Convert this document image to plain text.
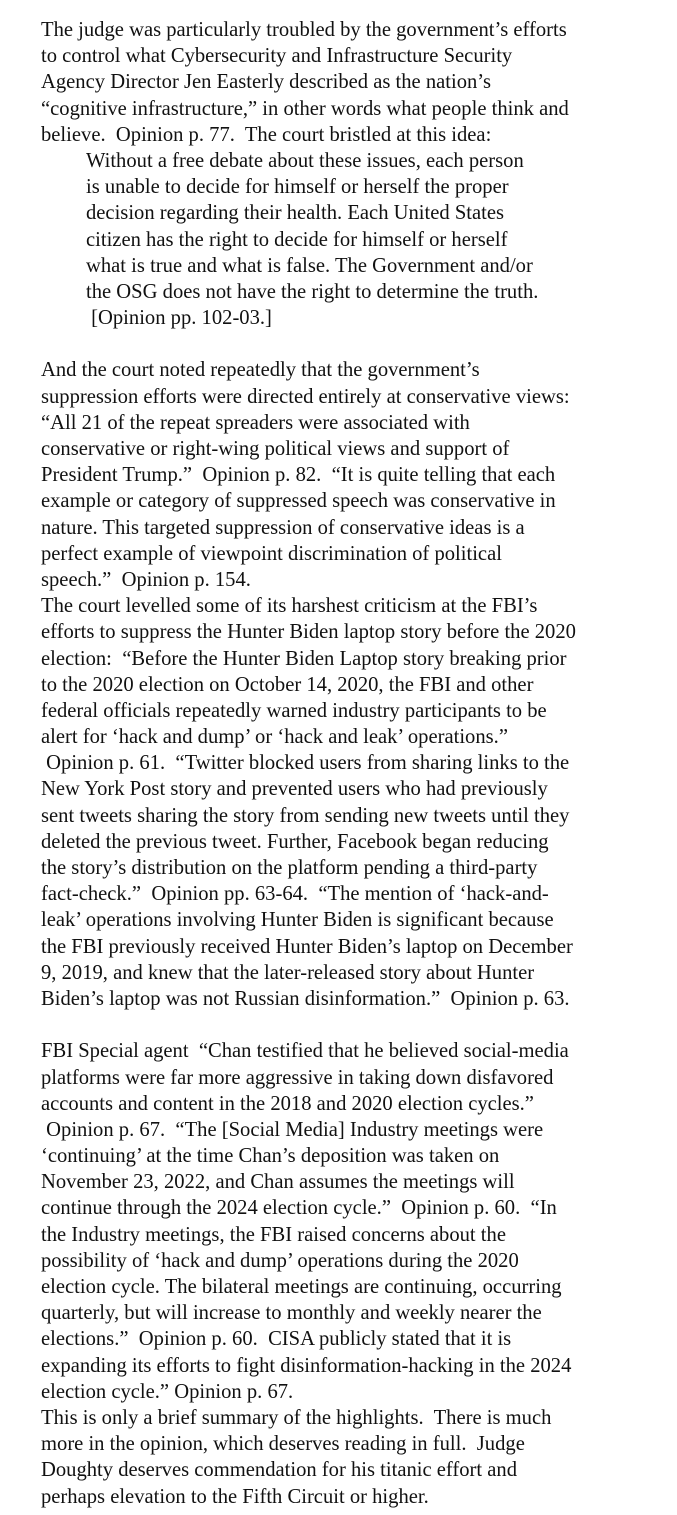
The judge was particularly troubled by the government’s efforts
to control what Cybersecurity and Infrastructure Security
Agency Director Jen Easterly described as the nation’s
“cognitive infrastructure,” in other words what people think and
believe.  Opinion p. 77.  The court bristled at this idea:
Without a free debate about these issues, each person
is unable to decide for himself or herself the proper
decision regarding their health. Each United States
citizen has the right to decide for himself or herself
what is true and what is false. The Government and/or
the OSG does not have the right to determine the truth.
[Opinion pp. 102-03.]
And the court noted repeatedly that the government’s
suppression efforts were directed entirely at conservative views:
“All 21 of the repeat spreaders were associated with
conservative or right-wing political views and support of
President Trump.”  Opinion p. 82.  “It is quite telling that each
example or category of suppressed speech was conservative in
nature. This targeted suppression of conservative ideas is a
perfect example of viewpoint discrimination of political
speech.”  Opinion p. 154.
The court levelled some of its harshest criticism at the FBI’s
efforts to suppress the Hunter Biden laptop story before the 2020
election:  “Before the Hunter Biden Laptop story breaking prior
to the 2020 election on October 14, 2020, the FBI and other
federal officials repeatedly warned industry participants to be
alert for ‘hack and dump’ or ‘hack and leak’ operations.”
Opinion p. 61.  “Twitter blocked users from sharing links to the
New York Post story and prevented users who had previously
sent tweets sharing the story from sending new tweets until they
deleted the previous tweet. Further, Facebook began reducing
the story’s distribution on the platform pending a third-party
fact-check.”  Opinion pp. 63-64.  “The mention of ‘hack-and-
leak’ operations involving Hunter Biden is significant because
the FBI previously received Hunter Biden’s laptop on December
9, 2019, and knew that the later-released story about Hunter
Biden’s laptop was not Russian disinformation.”  Opinion p. 63.
FBI Special agent  “Chan testified that he believed social-media
platforms were far more aggressive in taking down disfavored
accounts and content in the 2018 and 2020 election cycles.”
Opinion p. 67.  “The [Social Media] Industry meetings were
‘continuing’ at the time Chan’s deposition was taken on
November 23, 2022, and Chan assumes the meetings will
continue through the 2024 election cycle.”  Opinion p. 60.  “In
the Industry meetings, the FBI raised concerns about the
possibility of ‘hack and dump’ operations during the 2020
election cycle. The bilateral meetings are continuing, occurring
quarterly, but will increase to monthly and weekly nearer the
elections.”  Opinion p. 60.  CISA publicly stated that it is
expanding its efforts to fight disinformation-hacking in the 2024
election cycle.” Opinion p. 67.
This is only a brief summary of the highlights.  There is much
more in the opinion, which deserves reading in full.  Judge
Doughty deserves commendation for his titanic effort and
perhaps elevation to the Fifth Circuit or higher.
